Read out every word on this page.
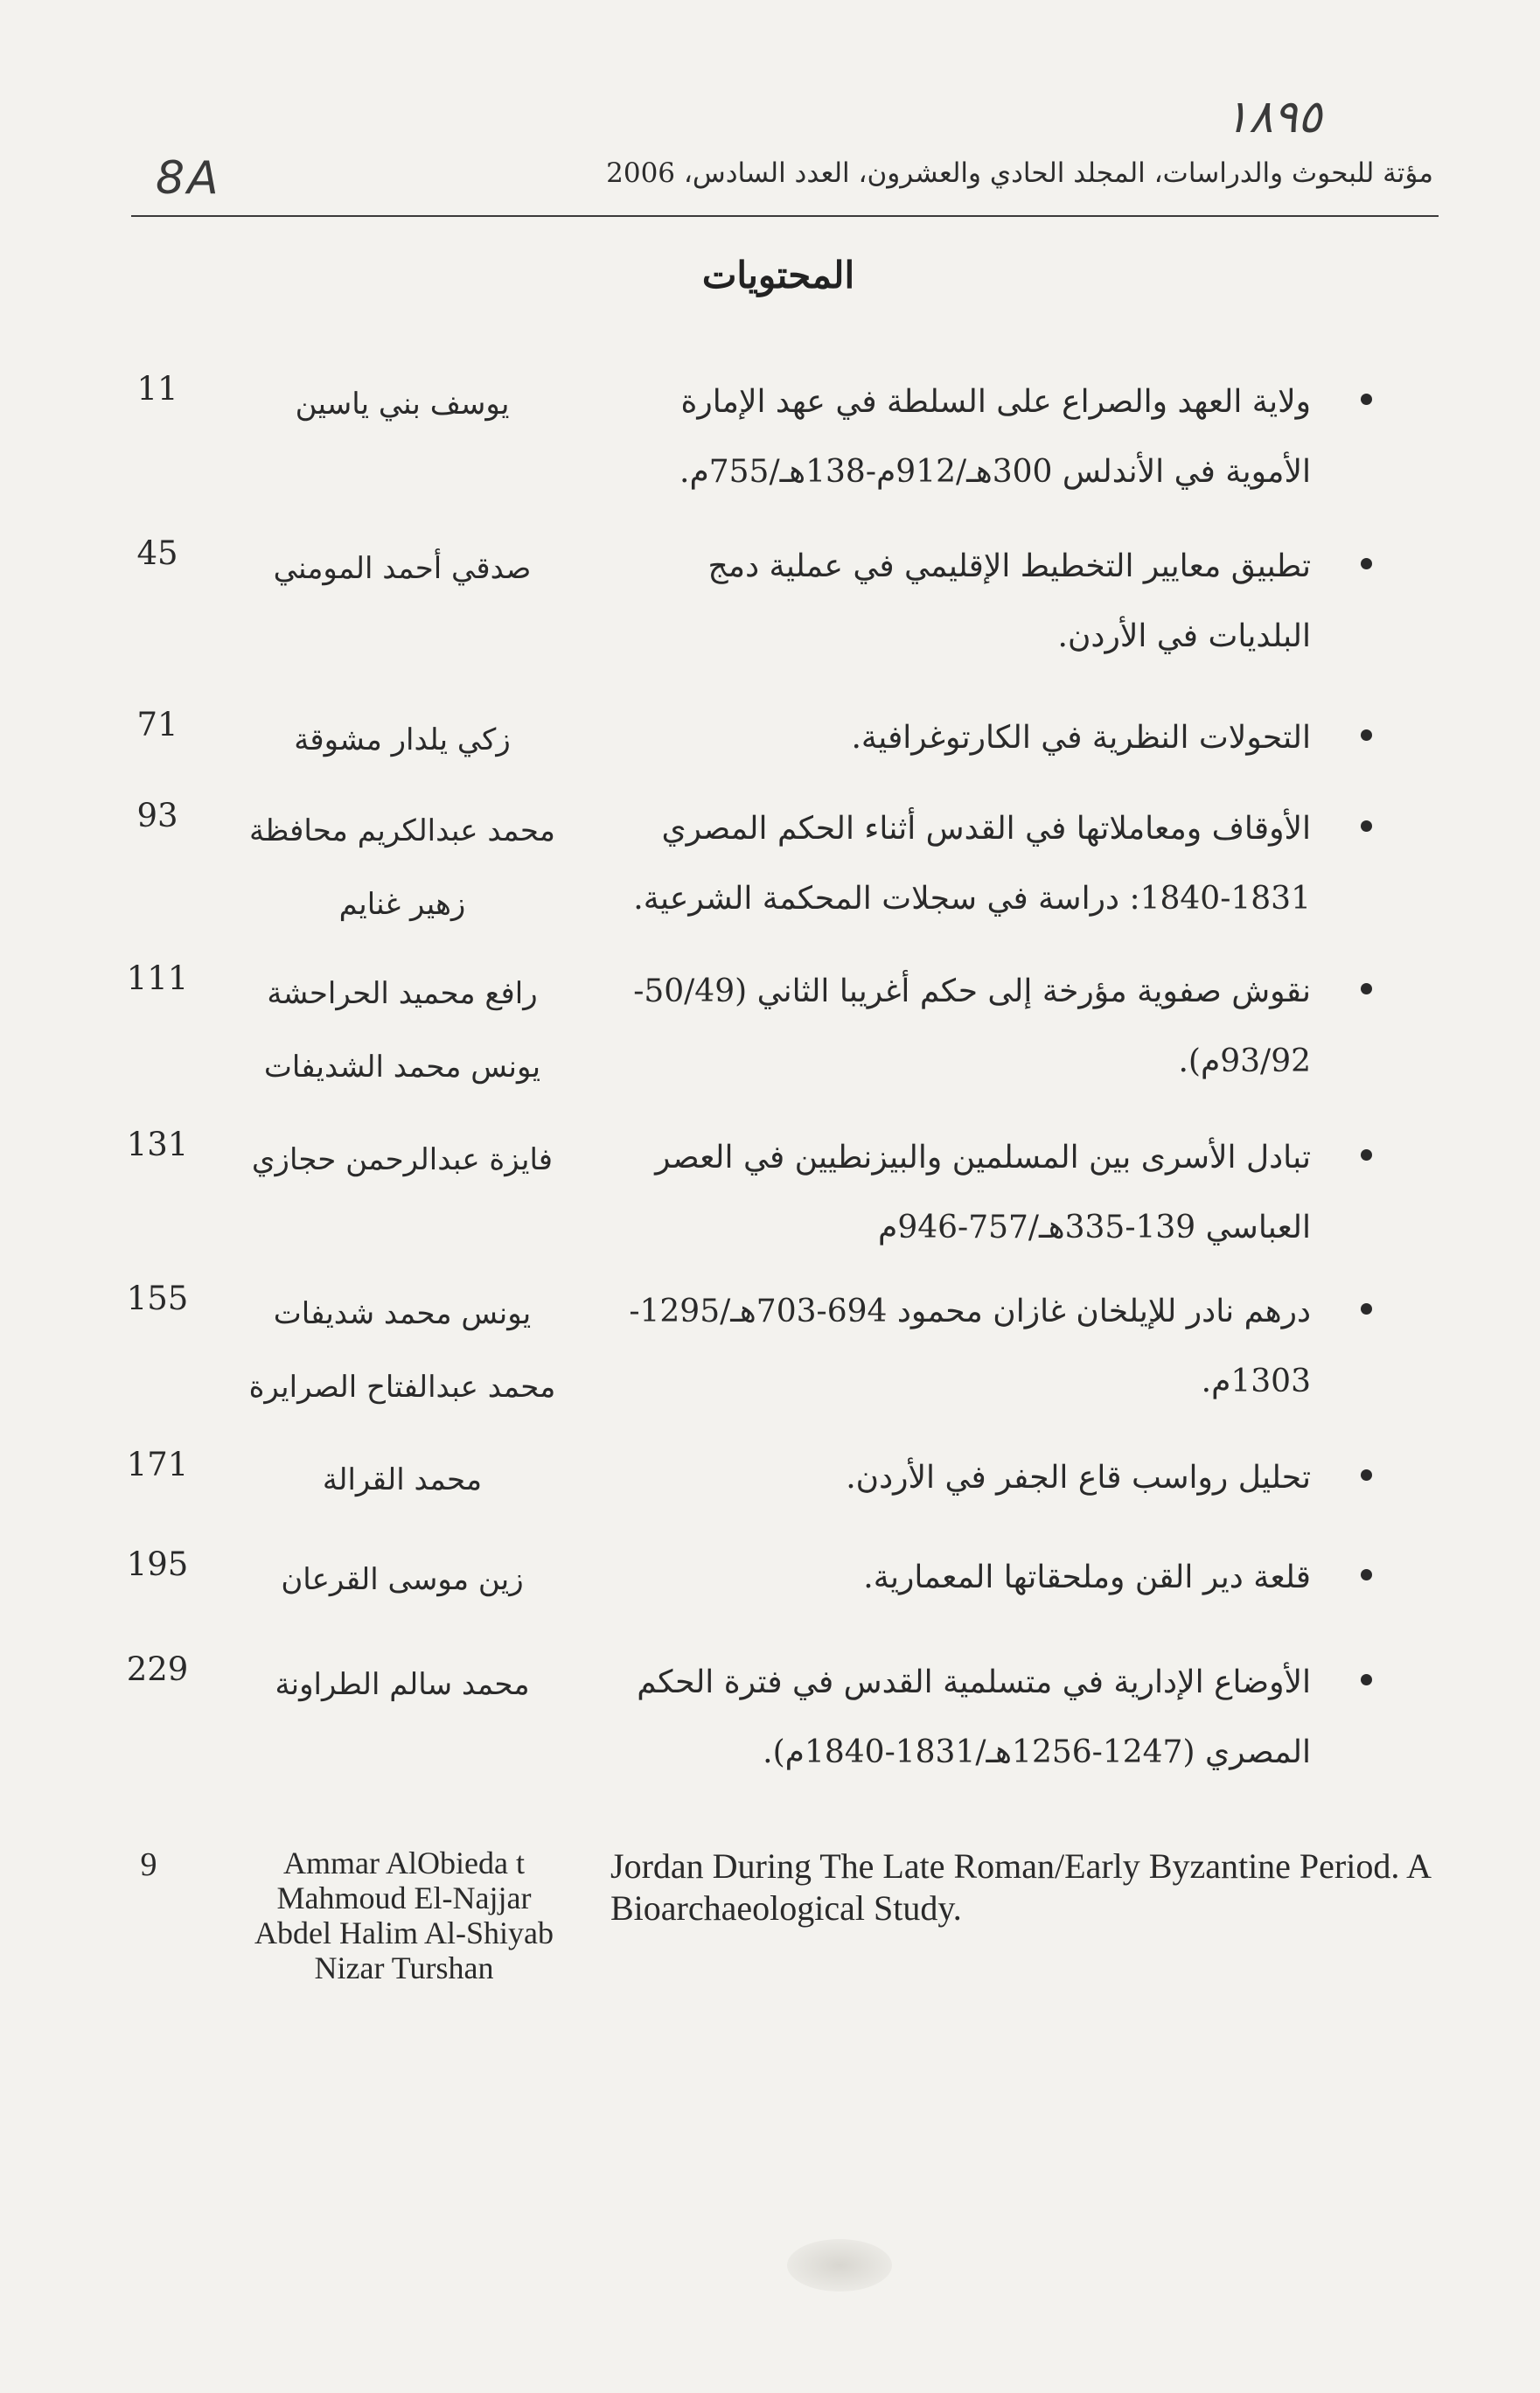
١٨٩٥
8A	مؤتة للبحوث والدراسات، المجلد الحادي والعشرون، العدد السادس، 2006
المحتويات
ولاية العهد والصراع على السلطة في عهد الإمارة الأموية في الأندلس 300هـ/912م-138هـ/755م.
يوسف بني ياسين
11
تطبيق معايير التخطيط الإقليمي في عملية دمج البلديات في الأردن.
صدقي أحمد المومني
45
التحولات النظرية في الكارتوغرافية.
زكي يلدار مشوقة
71
الأوقاف ومعاملاتها في القدس أثناء الحكم المصري 1831-1840: دراسة في سجلات المحكمة الشرعية.
محمد عبدالكريم محافظة زهير غنايم
93
نقوش صفوية مؤرخة إلى حكم أغريبا الثاني (50/49-93/92م).
رافع محميد الحراحشة يونس محمد الشديفات
111
تبادل الأسرى بين المسلمين والبيزنطيين في العصر العباسي 139-335هـ/757-946م
فايزة عبدالرحمن حجازي
131
درهم نادر للإيلخان غازان محمود 694-703هـ/1295-1303م.
يونس محمد شديفات محمد عبدالفتاح الصرايرة
155
تحليل رواسب قاع الجفر في الأردن.
محمد القرالة
171
قلعة دير القن وملحقاتها المعمارية.
زين موسى القرعان
195
الأوضاع الإدارية في متسلمية القدس في فترة الحكم المصري (1247-1256هـ/1831-1840م).
محمد سالم الطراونة
229
9	Ammar AlObieda t Mahmoud El-Najjar Abdel Halim Al-Shiyab Nizar Turshan
Jordan During The Late Roman/Early Byzantine Period. A Bioarchaeological Study.
